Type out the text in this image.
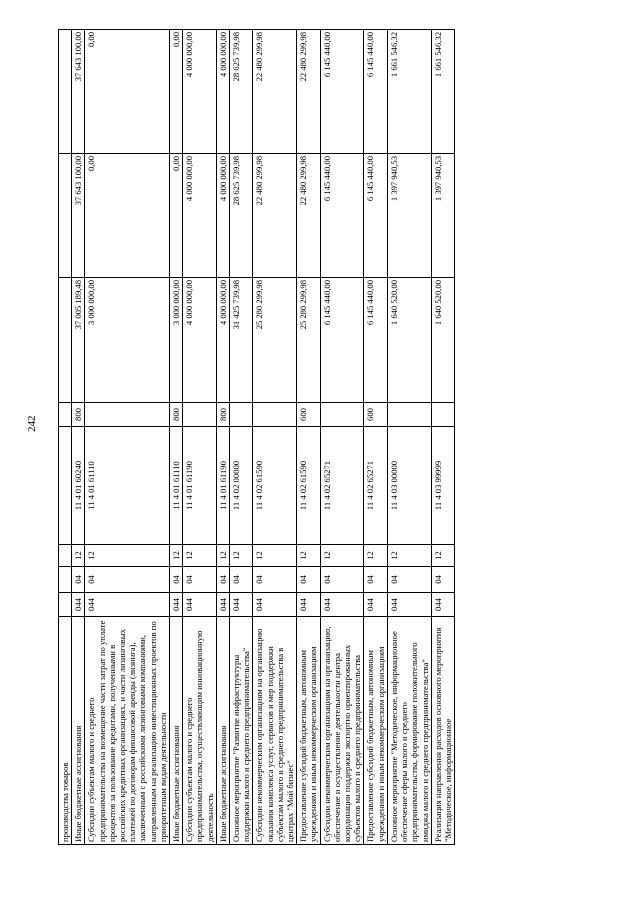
242
производства товаров								
Иные бюджетные ассигнования	044	04	12	11 4 01 60240	800	37 005 189,48	37 643 100,00	37 643 100,00
Субсидии субъектам малого и среднего предпринимательства на возмещение части затрат по уплате процентов за пользование кредитами, полученными в российских кредитных организациях, и части лизинговых платежей по договорам финансовой аренды (лизинга), заключенным с российскими лизинговыми компаниями, направленным на реализацию инвестиционных проектов по приоритетным видам деятельности	044	04	12	11 4 01 61110		3 000 000,00	0,00	0,00
Иные бюджетные ассигнования	044	04	12	11 4 01 61110	800	3 000 000,00	0,00	0,00
Субсидии субъектам малого и среднего предпринимательства, осуществляющим инновационную деятельность	044	04	12	11 4 01 61190		4 000 000,00	4 000 000,00	4 000 000,00
Иные бюджетные ассигнования	044	04	12	11 4 01 61190	800	4 000 000,00	4 000 000,00	4 000 000,00
Основное мероприятие "Развитие инфраструктуры поддержки малого и среднего предпринимательства"	044	04	12	11 4 02 00000		31 425 739,98	28 625 739,98	28 625 739,98
Субсидии некоммерческим организациям на организацию оказания комплекса услуг, сервисов и мер поддержки субъектам малого и среднего предпринимательства в центрах "Мой бизнес"	044	04	12	11 4 02 61590		25 280 299,98	22 480 299,98	22 480 299,98
Предоставление субсидий бюджетным, автономным учреждениям и иным некоммерческим организациям	044	04	12	11 4 02 61590	600	25 280 299,98	22 480 299,98	22 480 299,98
Субсидии некоммерческим организациям на организацию, обеспечение и осуществление деятельности центра координации поддержки экспортно ориентированных субъектов малого и среднего предпринимательства	044	04	12	11 4 02 65271		6 145 440,00	6 145 440,00	6 145 440,00
Предоставление субсидий бюджетным, автономным учреждениям и иным некоммерческим организациям	044	04	12	11 4 02 65271	600	6 145 440,00	6 145 440,00	6 145 440,00
Основное мероприятие "Методическое, информационное обеспечение сферы малого и среднего предпринимательства, формирование положительного имиджа малого и среднего предпринимательства"	044	04	12	11 4 03 00000		1 640 520,00	1 397 940,53	1 661 546,32
Реализация направления расходов основного мероприятия "Методическое, информационное	044	04	12	11 4 03 99999		1 640 520,00	1 397 940,53	1 661 546,32
